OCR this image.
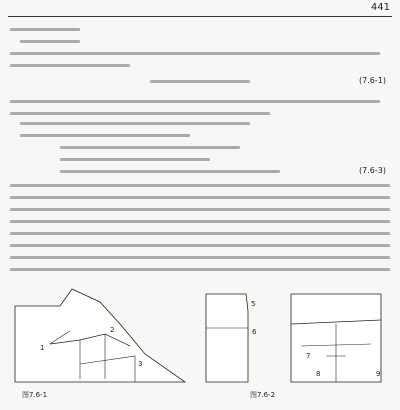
441
(7.6-1)
(7.6-3)
1
2
3
5
6
7
8	9
图7.6-1	图7.6-2
